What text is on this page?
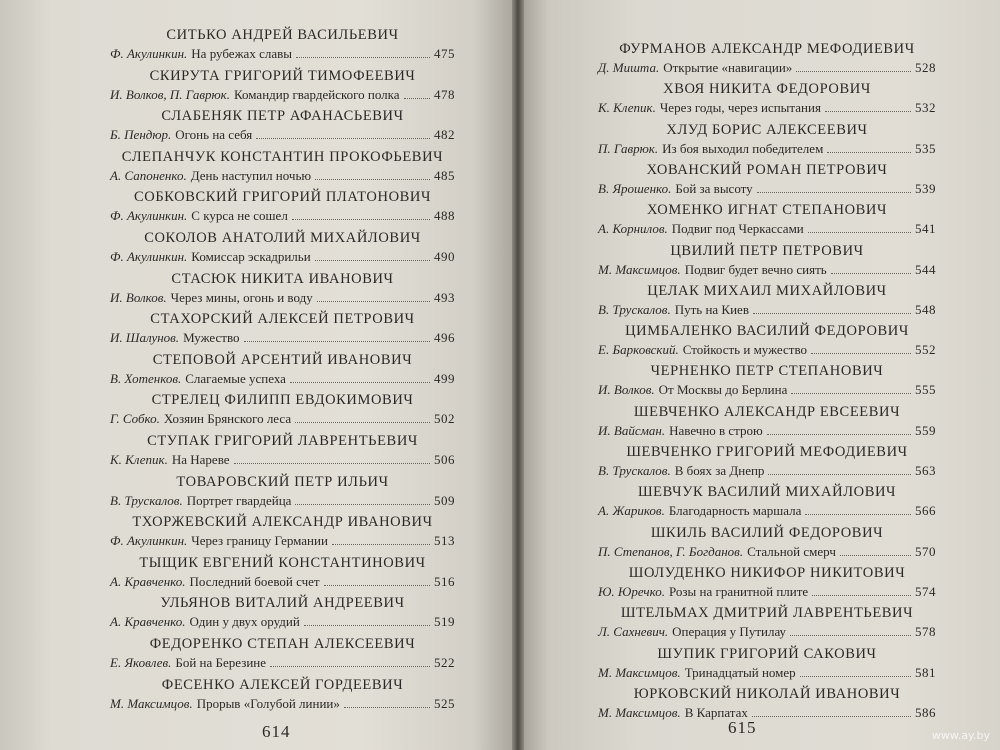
СИТЬКО АНДРЕЙ ВАСИЛЬЕВИЧ
Ф. Акулинкин. На рубежах славы	475
СКИРУТА ГРИГОРИЙ ТИМОФЕЕВИЧ
И. Волков, П. Гаврюк. Командир гвардейского полка	478
СЛАБЕНЯК ПЕТР АФАНАСЬЕВИЧ
Б. Пендюр. Огонь на себя	482
СЛЕПАНЧУК КОНСТАНТИН ПРОКОФЬЕВИЧ
А. Сапоненко. День наступил ночью	485
СОБКОВСКИЙ ГРИГОРИЙ ПЛАТОНОВИЧ
Ф. Акулинкин. С курса не сошел	488
СОКОЛОВ АНАТОЛИЙ МИХАЙЛОВИЧ
Ф. Акулинкин. Комиссар эскадрильи	490
СТАСЮК НИКИТА ИВАНОВИЧ
И. Волков. Через мины, огонь и воду	493
СТАХОРСКИЙ АЛЕКСЕЙ ПЕТРОВИЧ
И. Шалунов. Мужество	496
СТЕПОВОЙ АРСЕНТИЙ ИВАНОВИЧ
В. Хотенков. Слагаемые успеха	499
СТРЕЛЕЦ ФИЛИПП ЕВДОКИМОВИЧ
Г. Собко. Хозяин Брянского леса	502
СТУПАК ГРИГОРИЙ ЛАВРЕНТЬЕВИЧ
К. Клепик. На Нареве	506
ТОВАРОВСКИЙ ПЕТР ИЛЬИЧ
В. Трускалов. Портрет гвардейца	509
ТХОРЖЕВСКИЙ АЛЕКСАНДР ИВАНОВИЧ
Ф. Акулинкин. Через границу Германии	513
ТЫЩИК ЕВГЕНИЙ КОНСТАНТИНОВИЧ
А. Кравченко. Последний боевой счет	516
УЛЬЯНОВ ВИТАЛИЙ АНДРЕЕВИЧ
А. Кравченко. Один у двух орудий	519
ФЕДОРЕНКО СТЕПАН АЛЕКСЕЕВИЧ
Е. Яковлев. Бой на Березине	522
ФЕСЕНКО АЛЕКСЕЙ ГОРДЕЕВИЧ
М. Максимцов. Прорыв «Голубой линии»	525
ФУРМАНОВ АЛЕКСАНДР МЕФОДИЕВИЧ
Д. Мишта. Открытие «навигации»	528
ХВОЯ НИКИТА ФЕДОРОВИЧ
К. Клепик. Через годы, через испытания	532
ХЛУД БОРИС АЛЕКСЕЕВИЧ
П. Гаврюк. Из боя выходил победителем	535
ХОВАНСКИЙ РОМАН ПЕТРОВИЧ
В. Ярошенко. Бой за высоту	539
ХОМЕНКО ИГНАТ СТЕПАНОВИЧ
А. Корнилов. Подвиг под Черкассами	541
ЦВИЛИЙ ПЕТР ПЕТРОВИЧ
М. Максимцов. Подвиг будет вечно сиять	544
ЦЕЛАК МИХАИЛ МИХАЙЛОВИЧ
В. Трускалов. Путь на Киев	548
ЦИМБАЛЕНКО ВАСИЛИЙ ФЕДОРОВИЧ
Е. Барковский. Стойкость и мужество	552
ЧЕРНЕНКО ПЕТР СТЕПАНОВИЧ
И. Волков. От Москвы до Берлина	555
ШЕВЧЕНКО АЛЕКСАНДР ЕВСЕЕВИЧ
И. Вайсман. Навечно в строю	559
ШЕВЧЕНКО ГРИГОРИЙ МЕФОДИЕВИЧ
В. Трускалов. В боях за Днепр	563
ШЕВЧУК ВАСИЛИЙ МИХАЙЛОВИЧ
А. Жариков. Благодарность маршала	566
ШКИЛЬ ВАСИЛИЙ ФЕДОРОВИЧ
П. Степанов, Г. Богданов. Стальной смерч	570
ШОЛУДЕНКО НИКИФОР НИКИТОВИЧ
Ю. Юречко. Розы на гранитной плите	574
ШТЕЛЬМАХ ДМИТРИЙ ЛАВРЕНТЬЕВИЧ
Л. Сахневич. Операция у Путилау	578
ШУПИК ГРИГОРИЙ САКОВИЧ
М. Максимцов. Тринадцатый номер	581
ЮРКОВСКИЙ НИКОЛАЙ ИВАНОВИЧ
М. Максимцов. В Карпатах	586
614	615	www.ay.by
